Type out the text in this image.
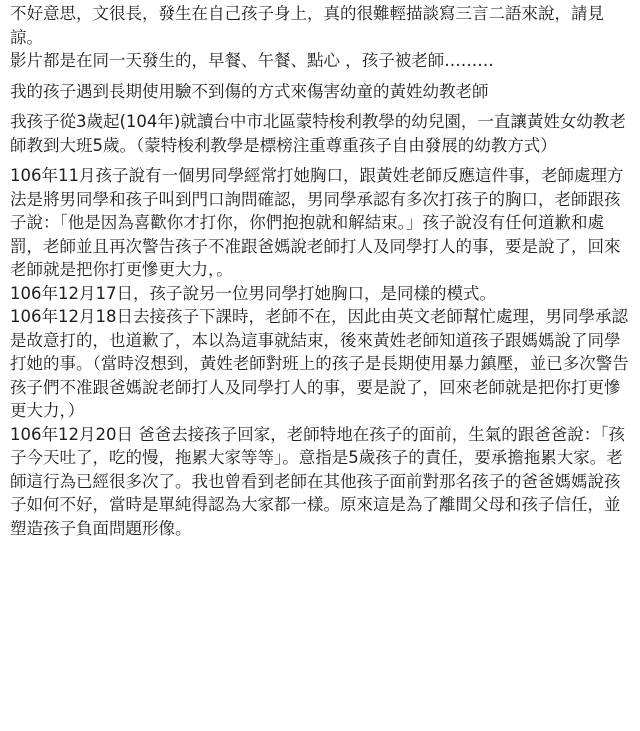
不好意思，文很長，發生在自己孩子身上，真的很難輕描談寫三言二語來說，請見諒。
影片都是在同一天發生的，早餐、午餐、點心 ，孩子被老師………

我的孩子遇到長期使用驗不到傷的方式來傷害幼童的黃姓幼教老師

我孩子從3歲起(104年)就讀台中市北區蒙特梭利教學的幼兒園，一直讓黃姓女幼教老師教到大班5歲。（蒙特梭利教學是標榜注重尊重孩子自由發展的幼教方式）

106年11月孩子說有一個男同學經常打她胸口，跟黃姓老師反應這件事，老師處理方法是將男同學和孩子叫到門口詢問確認，男同學承認有多次打孩子的胸口，老師跟孩子說：「他是因為喜歡你才打你，你們抱抱就和解結束。」孩子說沒有任何道歉和處罰，老師並且再次警告孩子不准跟爸媽說老師打人及同學打人的事，要是說了，回來老師就是把你打更慘更大力，。
106年12月17日，孩子說另一位男同學打她胸口，是同樣的模式。
106年12月18日去接孩子下課時，老師不在，因此由英文老師幫忙處理，男同學承認是故意打的，也道歉了，本以為這事就結束，後來黃姓老師知道孩子跟媽媽說了同學打她的事。（當時沒想到，黃姓老師對班上的孩子是長期使用暴力鎮壓，並已多次警告孩子們不准跟爸媽說老師打人及同學打人的事，要是說了，回來老師就是把你打更慘更大力，）
106年12月20日 爸爸去接孩子回家，老師特地在孩子的面前，生氣的跟爸爸說：「孩子今天吐了，吃的慢，拖累大家等等」。意指是5歲孩子的責任，要承擔拖累大家。老師這行為已經很多次了。我也曾看到老師在其他孩子面前對那名孩子的爸爸媽媽說孩子如何不好，當時是單純得認為大家都一樣。原來這是為了離間父母和孩子信任，並塑造孩子負面問題形像。
